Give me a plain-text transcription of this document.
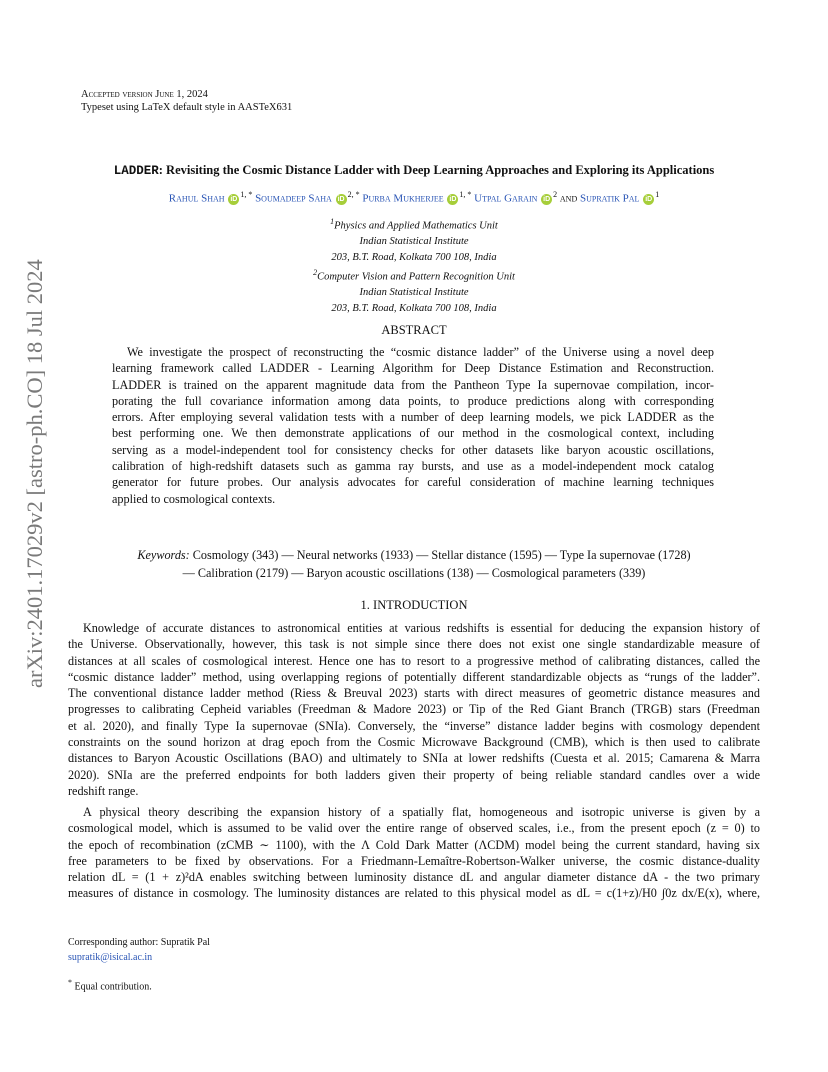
Accepted version June 1, 2024
Typeset using LaTeX default style in AASTeX631
arXiv:2401.17029v2 [astro-ph.CO] 18 Jul 2024
LADDER: Revisiting the Cosmic Distance Ladder with Deep Learning Approaches and Exploring its Applications
Rahul Shah $iD^{1, *}$ Soumadeep Saha $iD^{2, *}$ Purba Mukherjee $iD^{1, *}$ Utpal Garain $iD^2$ and Supratik Pal $iD^1$
$^1$Physics and Applied Mathematics Unit
Indian Statistical Institute
203, B.T. Road, Kolkata 700 108, India
$^2$Computer Vision and Pattern Recognition Unit
Indian Statistical Institute
203, B.T. Road, Kolkata 700 108, India
ABSTRACT
We investigate the prospect of reconstructing the “cosmic distance ladder” of the Universe using a novel deep
learning framework called LADDER - Learning Algorithm for Deep Distance Estimation and Reconstruction.
LADDER is trained on the apparent magnitude data from the Pantheon Type Ia supernovae compilation, incor-
porating the full covariance information among data points, to produce predictions along with corresponding
errors. After employing several validation tests with a number of deep learning models, we pick LADDER as the
best performing one. We then demonstrate applications of our method in the cosmological context, including
serving as a model-independent tool for consistency checks for other datasets like baryon acoustic oscillations,
calibration of high-redshift datasets such as gamma ray bursts, and use as a model-independent mock catalog
generator for future probes. Our analysis advocates for careful consideration of machine learning techniques
applied to cosmological contexts.
Keywords: Cosmology (343) — Neural networks (1933) — Stellar distance (1595) — Type Ia supernovae (1728)
— Calibration (2179) — Baryon acoustic oscillations (138) — Cosmological parameters (339)
1. INTRODUCTION
Knowledge of accurate distances to astronomical entities at various redshifts is essential for deducing the expansion history of
the Universe. Observationally, however, this task is not simple since there does not exist one single standardizable measure of
distances at all scales of cosmological interest. Hence one has to resort to a progressive method of calibrating distances, called the
“cosmic distance ladder” method, using overlapping regions of potentially different standardizable objects as “rungs of the ladder”.
The conventional distance ladder method (Riess & Breuval 2023) starts with direct measures of geometric distance measures and
progresses to calibrating Cepheid variables (Freedman & Madore 2023) or Tip of the Red Giant Branch (TRGB) stars (Freedman
et al. 2020), and finally Type Ia supernovae (SNIa). Conversely, the “inverse” distance ladder begins with cosmology dependent
constraints on the sound horizon at drag epoch from the Cosmic Microwave Background (CMB), which is then used to calibrate
distances to Baryon Acoustic Oscillations (BAO) and ultimately to SNIa at lower redshifts (Cuesta et al. 2015; Camarena & Marra
2020). SNIa are the preferred endpoints for both ladders given their property of being reliable standard candles over a wide
redshift range.
A physical theory describing the expansion history of a spatially flat, homogeneous and isotropic universe is given by a
cosmological model, which is assumed to be valid over the entire range of observed scales, i.e., from the present epoch (z = 0) to
the epoch of recombination (zCMB ∼ 1100), with the Λ Cold Dark Matter (ΛCDM) model being the current standard, having six
free parameters to be fixed by observations. For a Friedmann-Lemaître-Robertson-Walker universe, the cosmic distance-duality
relation dL = (1 + z)²dA enables switching between luminosity distance dL and angular diameter distance dA - the two primary
measures of distance in cosmology. The luminosity distances are related to this physical model as dL = c(1+z)/H0 ∫0z dx/E(x), where,
Corresponding author: Supratik Pal
supratik@isical.ac.in
* Equal contribution.
